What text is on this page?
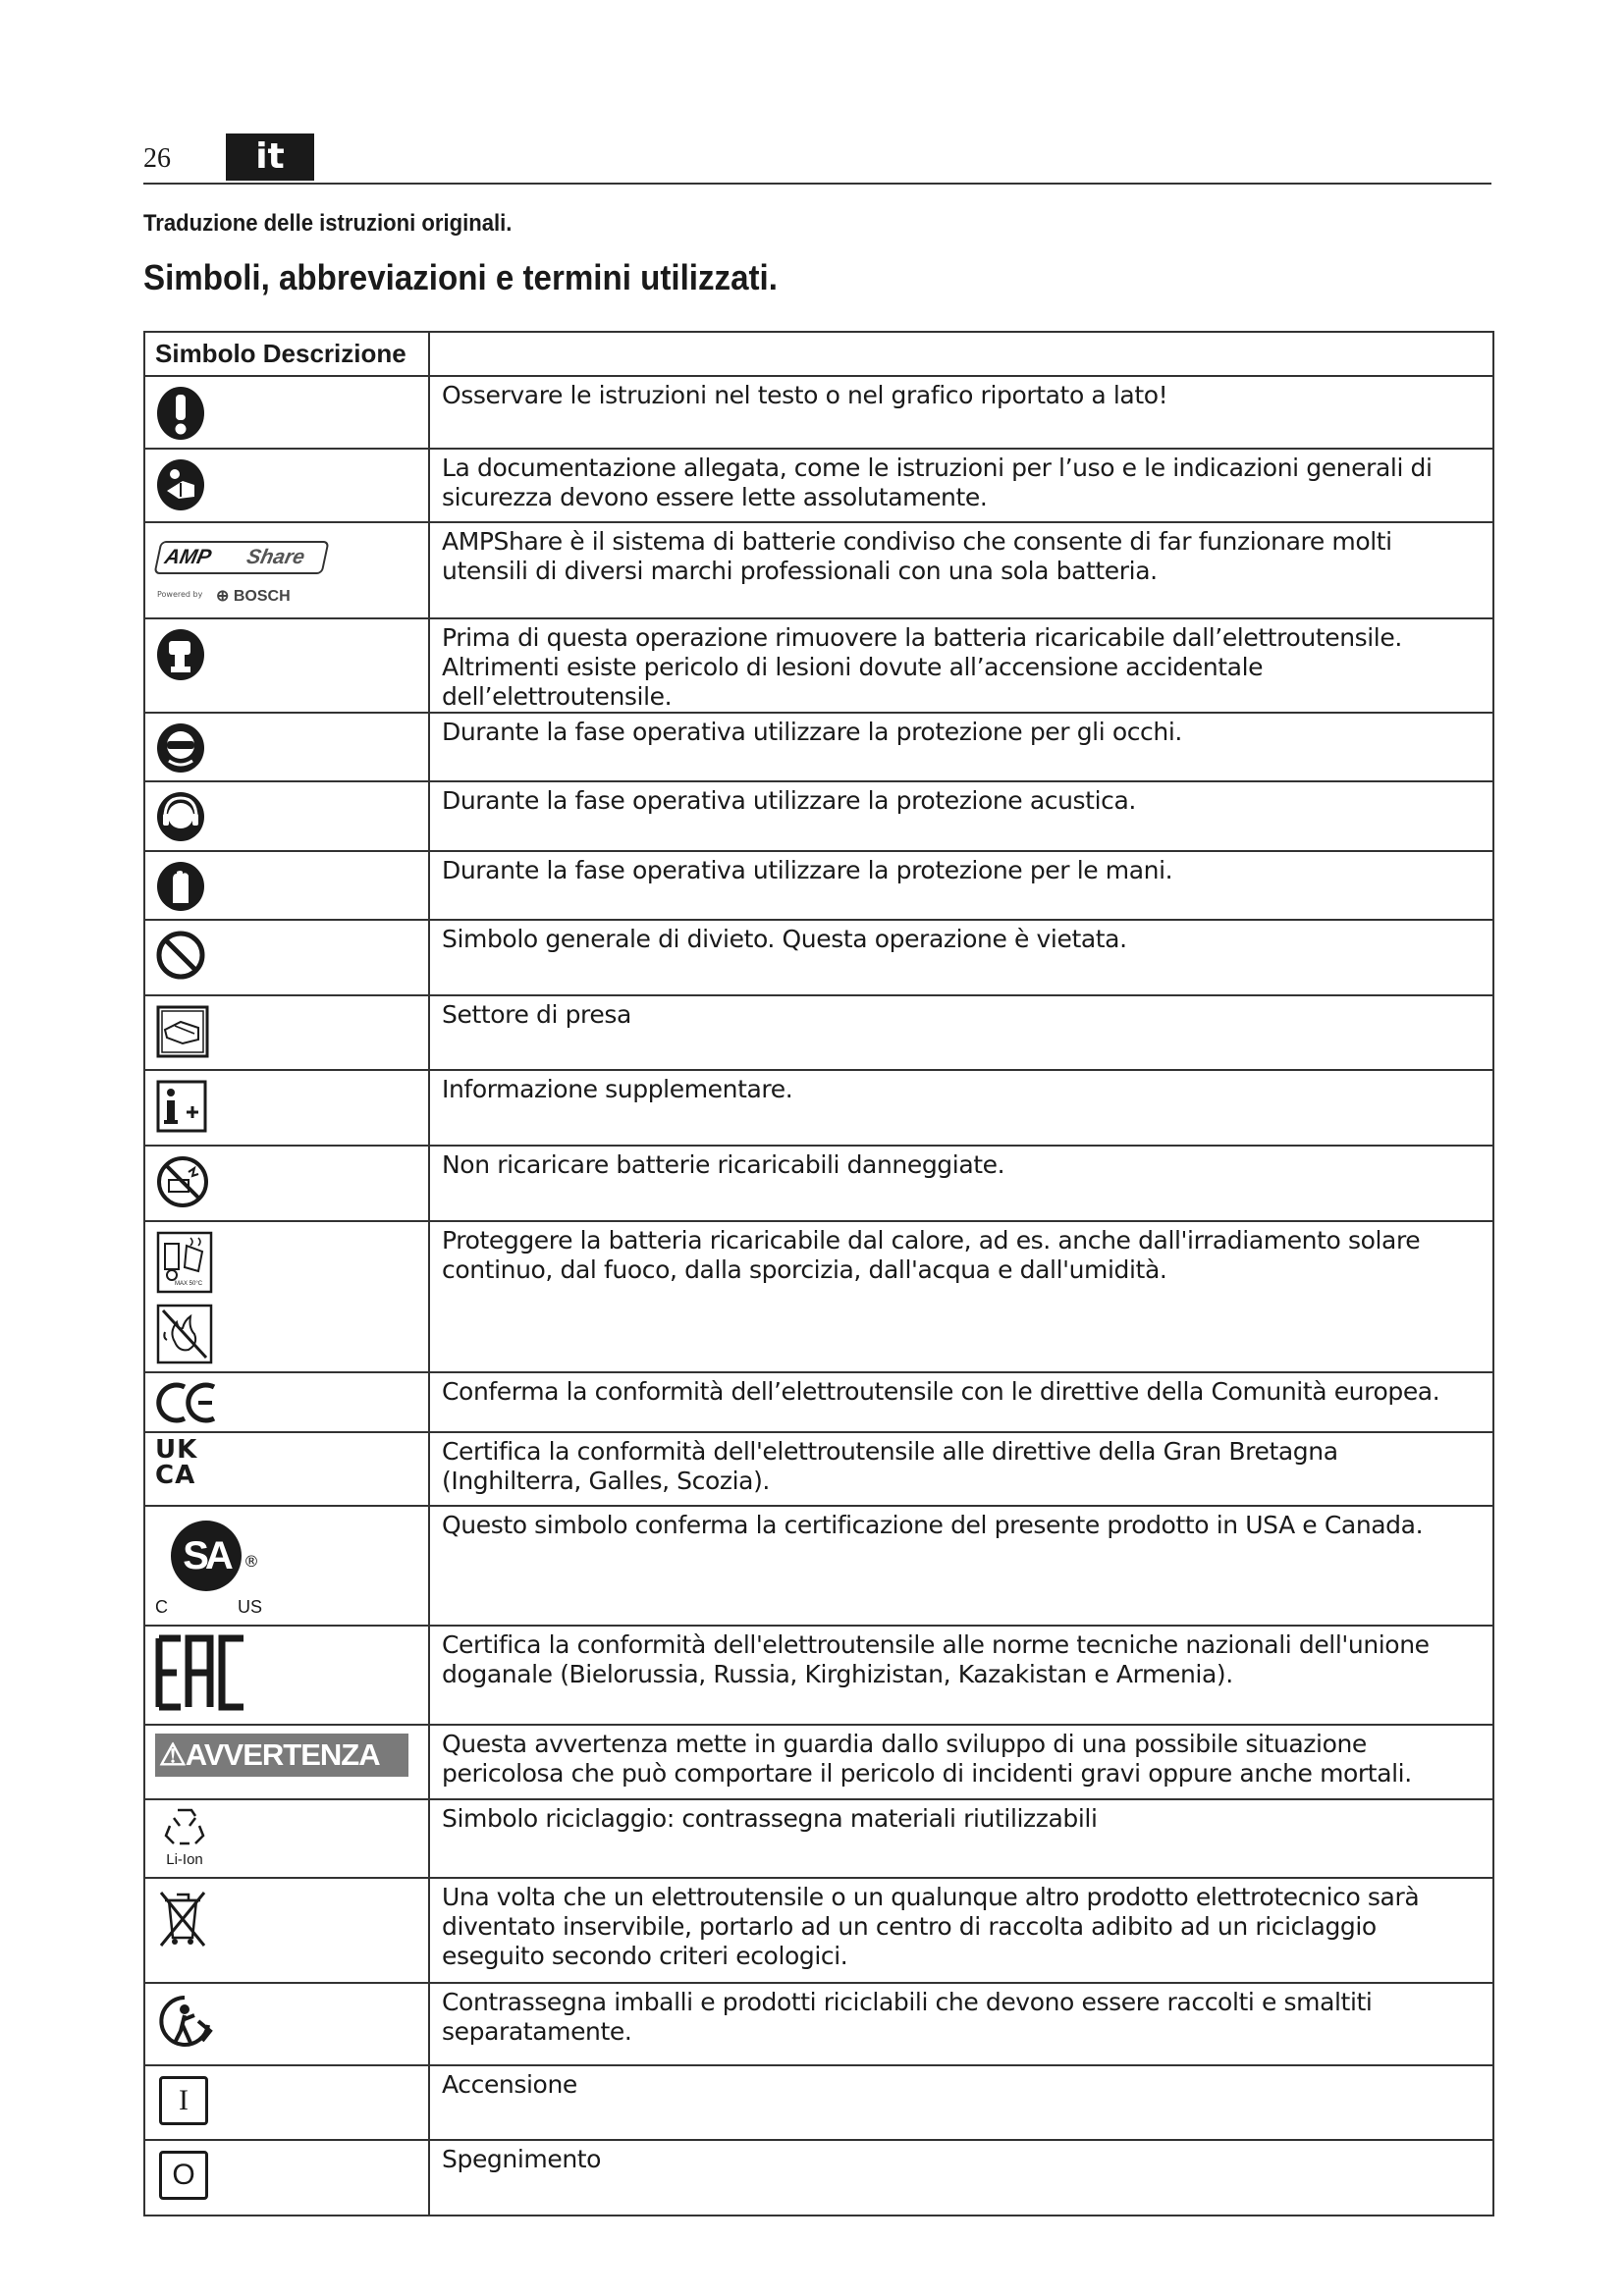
26	it
Traduzione delle istruzioni originali.
Simboli, abbreviazioni e termini utilizzati.
Simbolo Descrizione	

	Osservare le istruzioni nel testo o nel grafico riportato a lato!

	La documentazione allegata, come le istruzioni per l’uso e le indicazioni generali di sicurezza devono essere lette assolutamente.

AMP Share
Powered by ⊕ BOSCH	AMPShare è il sistema di batterie condiviso che consente di far funzionare molti utensili di diversi marchi professionali con una sola batteria.

	Prima di questa operazione rimuovere la batteria ricaricabile dall’elettroutensile. Altrimenti esiste pericolo di lesioni dovute all’accensione accidentale dell’elettroutensile.

	Durante la fase operativa utilizzare la protezione per gli occhi.

	Durante la fase operativa utilizzare la protezione acustica.

	Durante la fase operativa utilizzare la protezione per le mani.

	Simbolo generale di divieto. Questa operazione è vietata.

	Settore di presa

	Informazione supplementare.

	Non ricaricare batterie ricaricabili danneggiate.

MAX 50°C	Proteggere la batteria ricaricabile dal calore, ad es. anche dall'irradiamento solare continuo, dal fuoco, dalla sporcizia, dall'acqua e dall'umidità.

	Conferma la conformità dell’elettroutensile con le direttive della Comunità europea.

UK
CA	Certifica la conformità dell'elettroutensile alle direttive della Gran Bretagna (Inghilterra, Galles, Scozia).

SA ®
C US	Questo simbolo conferma la certificazione del presente prodotto in USA e Canada.

	Certifica la conformità dell'elettroutensile alle norme tecniche nazionali dell'unione doganale (Bielorussia, Russia, Kirghizistan, Kazakistan e Armenia).

⚠AVVERTENZA	Questa avvertenza mette in guardia dallo sviluppo di una possibile situazione pericolosa che può comportare il pericolo di incidenti gravi oppure anche mortali.

Li-Ion	Simbolo riciclaggio: contrassegna materiali riutilizzabili

	Una volta che un elettroutensile o un qualunque altro prodotto elettrotecnico sarà diventato inservibile, portarlo ad un centro di raccolta adibito ad un riciclaggio eseguito secondo criteri ecologici.

	Contrassegna imballi e prodotti riciclabili che devono essere raccolti e smaltiti separatamente.

I	Accensione

O	Spegnimento
